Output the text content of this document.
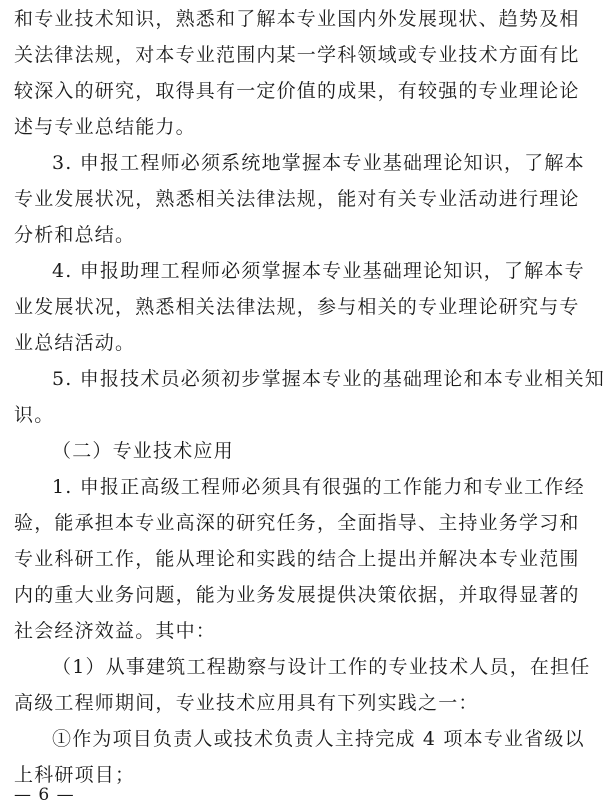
和专业技术知识，熟悉和了解本专业国内外发展现状、趋势及相
关法律法规，对本专业范围内某一学科领域或专业技术方面有比
较深入的研究，取得具有一定价值的成果，有较强的专业理论论
述与专业总结能力。
3. 申报工程师必须系统地掌握本专业基础理论知识，了解本
专业发展状况，熟悉相关法律法规，能对有关专业活动进行理论
分析和总结。
4. 申报助理工程师必须掌握本专业基础理论知识，了解本专
业发展状况，熟悉相关法律法规，参与相关的专业理论研究与专
业总结活动。
5. 申报技术员必须初步掌握本专业的基础理论和本专业相关知
识。
（二）专业技术应用
1. 申报正高级工程师必须具有很强的工作能力和专业工作经
验，能承担本专业高深的研究任务，全面指导、主持业务学习和
专业科研工作，能从理论和实践的结合上提出并解决本专业范围
内的重大业务问题，能为业务发展提供决策依据，并取得显著的
社会经济效益。其中：
（1）从事建筑工程勘察与设计工作的专业技术人员，在担任
高级工程师期间，专业技术应用具有下列实践之一：
①作为项目负责人或技术负责人主持完成 4 项本专业省级以
上科研项目；
— 6 —
